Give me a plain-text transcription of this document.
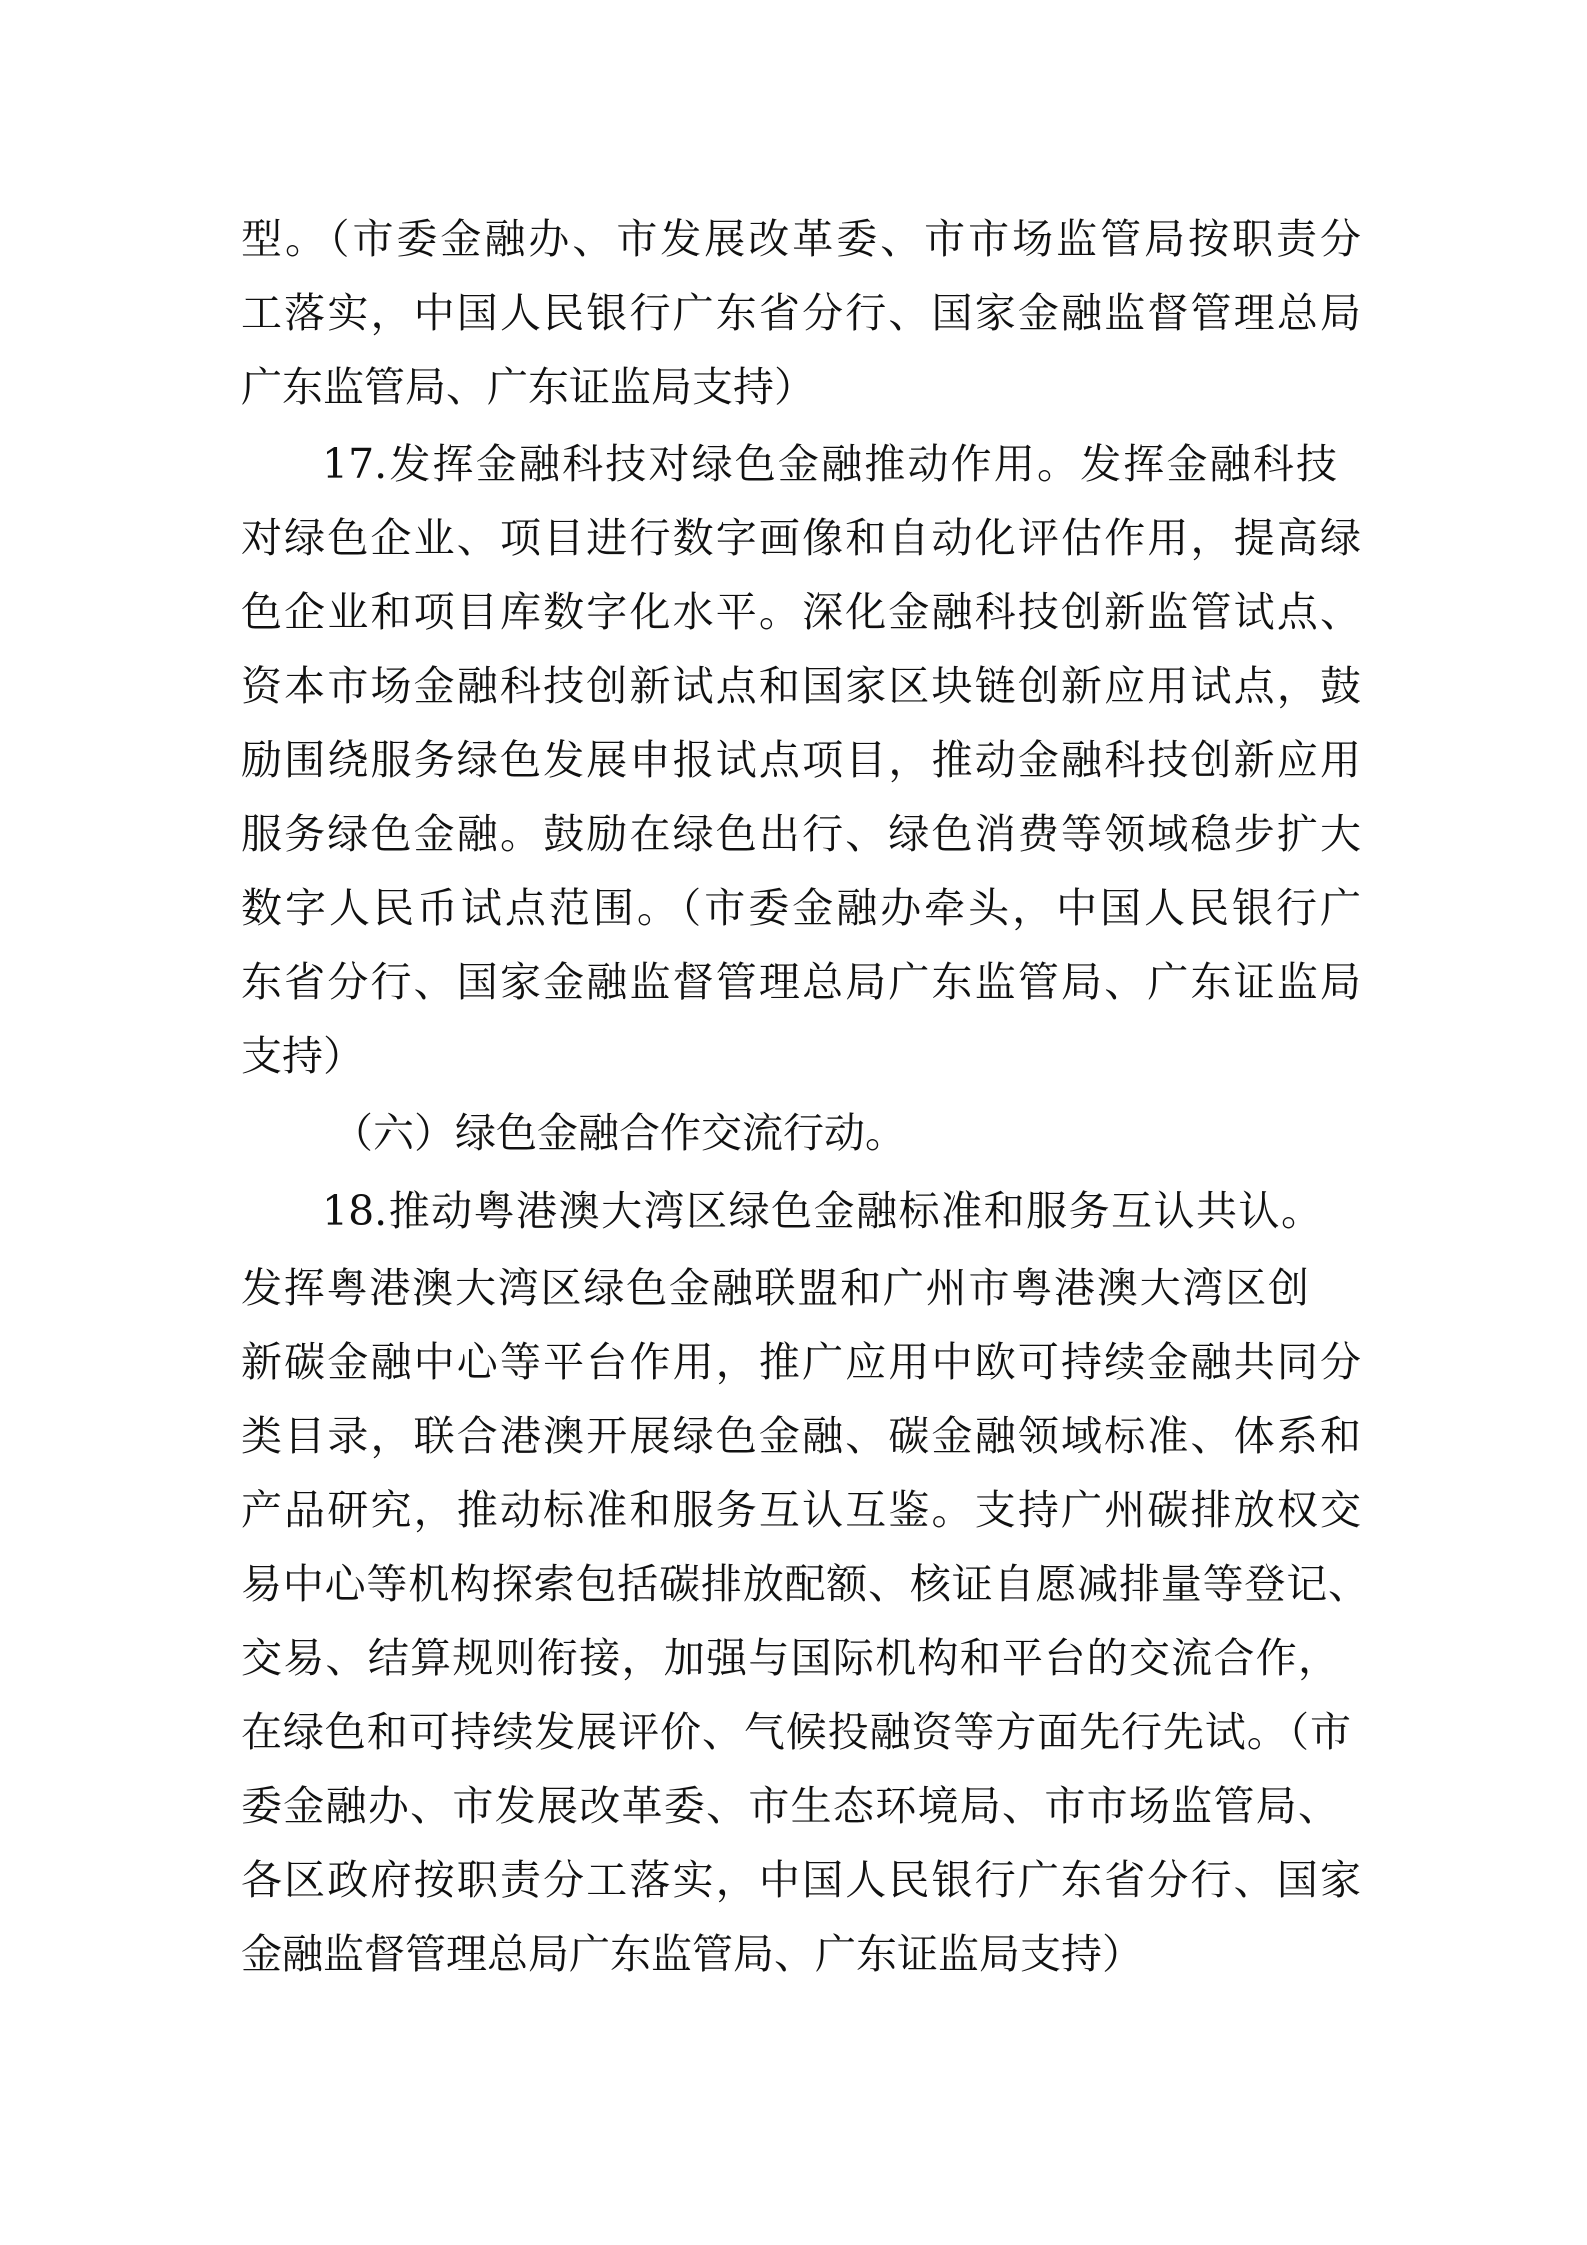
型。（市委金融办、市发展改革委、市市场监管局按职责分
工落实，中国人民银行广东省分行、国家金融监督管理总局
广东监管局、广东证监局支持）
17.发挥金融科技对绿色金融推动作用。发挥金融科技
对绿色企业、项目进行数字画像和自动化评估作用，提高绿
色企业和项目库数字化水平。深化金融科技创新监管试点、
资本市场金融科技创新试点和国家区块链创新应用试点，鼓
励围绕服务绿色发展申报试点项目，推动金融科技创新应用
服务绿色金融。鼓励在绿色出行、绿色消费等领域稳步扩大
数字人民币试点范围。（市委金融办牵头，中国人民银行广
东省分行、国家金融监督管理总局广东监管局、广东证监局
支持）
（六）绿色金融合作交流行动。
18.推动粤港澳大湾区绿色金融标准和服务互认共认。
发挥粤港澳大湾区绿色金融联盟和广州市粤港澳大湾区创
新碳金融中心等平台作用，推广应用中欧可持续金融共同分
类目录，联合港澳开展绿色金融、碳金融领域标准、体系和
产品研究，推动标准和服务互认互鉴。支持广州碳排放权交
易中心等机构探索包括碳排放配额、核证自愿减排量等登记、
交易、结算规则衔接，加强与国际机构和平台的交流合作，
在绿色和可持续发展评价、气候投融资等方面先行先试。（市
委金融办、市发展改革委、市生态环境局、市市场监管局、
各区政府按职责分工落实，中国人民银行广东省分行、国家
金融监督管理总局广东监管局、广东证监局支持）
